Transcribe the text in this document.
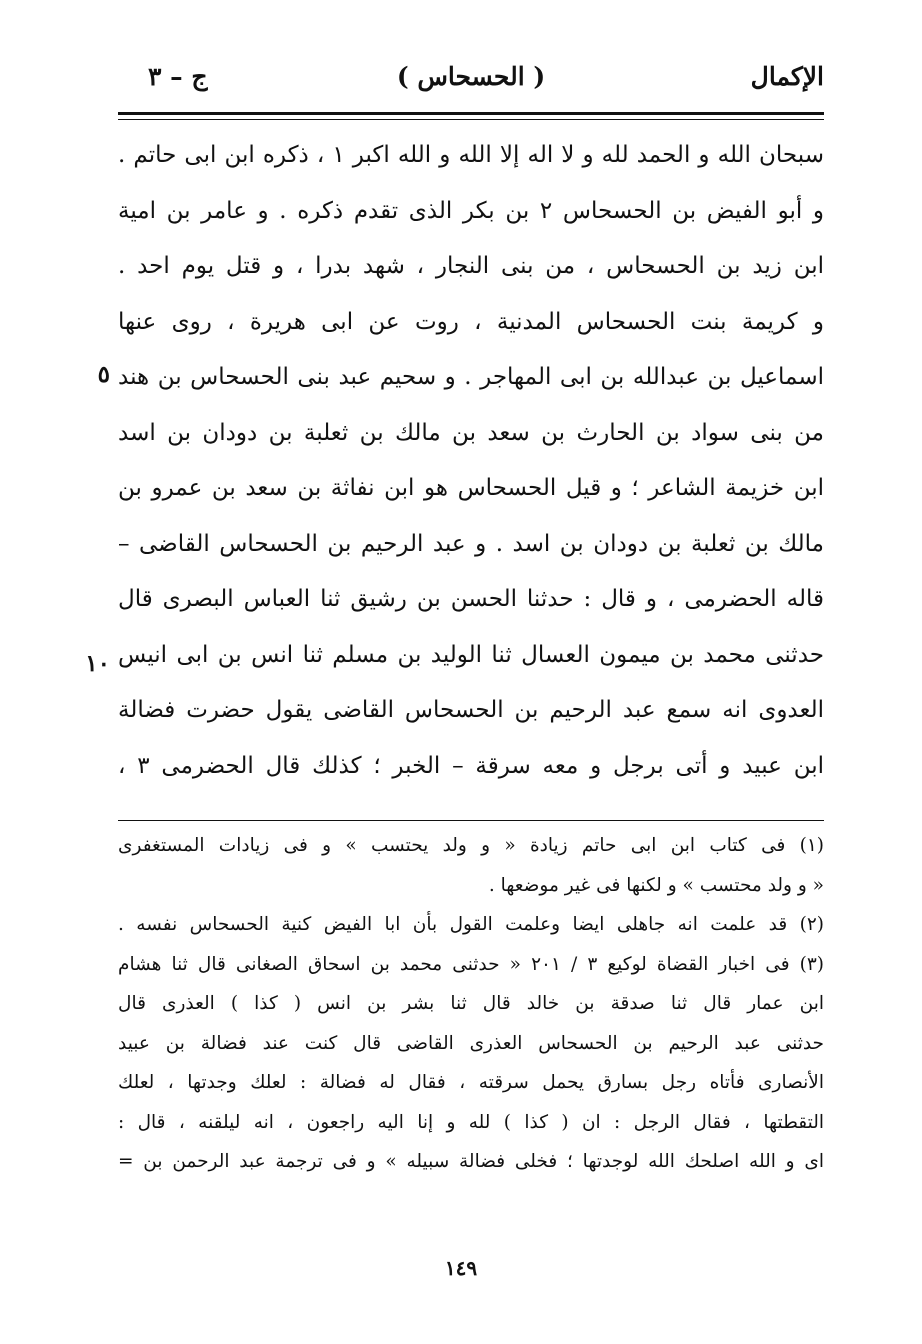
الإكمال
( الحسحاس )
ج – ٣
٥
١٠
سبحان الله و الحمد لله و لا اله إلا الله و الله اكبر ١ ، ذكره ابن ابى حاتم .
و أبو الفيض بن الحسحاس ٢ بن بكر الذى تقدم ذكره . و عامر بن امية
ابن زيد بن الحسحاس ، من بنى النجار ، شهد بدرا ، و قتل يوم احد .
و كريمة بنت الحسحاس المدنية ، روت عن ابى هريرة ، روى عنها
اسماعيل بن عبدالله بن ابى المهاجر . و سحيم عبد بنى الحسحاس بن هند
من بنى سواد بن الحارث بن سعد بن مالك بن ثعلبة بن دودان بن اسد
ابن خزيمة الشاعر ؛ و قيل الحسحاس هو ابن نفاثة بن سعد بن عمرو بن
مالك بن ثعلبة بن دودان بن اسد . و عبد الرحيم بن الحسحاس القاضى –
قاله الحضرمى ، و قال : حدثنا الحسن بن رشيق ثنا العباس البصرى قال
حدثنى محمد بن ميمون العسال ثنا الوليد بن مسلم ثنا انس بن ابى انيس
العدوى انه سمع عبد الرحيم بن الحسحاس القاضى يقول حضرت فضالة
ابن عبيد و أتى برجل و معه سرقة – الخبر ؛ كذلك قال الحضرمى ٣ ،
(١) فى كتاب ابن ابى حاتم زيادة « و ولد يحتسب » و فى زيادات المستغفرى
« و ولد محتسب » و لكنها فى غير موضعها .
(٢) قد علمت انه جاهلى ايضا وعلمت القول بأن ابا الفيض كنية الحسحاس نفسه .
(٣) فى اخبار القضاة لوكيع ٣ / ٢٠١ « حدثنى محمد بن اسحاق الصغانى قال ثنا هشام
ابن عمار قال ثنا صدقة بن خالد قال ثنا بشر بن انس ( كذا ) العذرى قال
حدثنى عبد الرحيم بن الحسحاس العذرى القاضى قال كنت عند فضالة بن عبيد
الأنصارى فأتاه رجل بسارق يحمل سرقته ، فقال له فضالة : لعلك وجدتها ، لعلك
التقطتها ، فقال الرجل : ان ( كذا ) لله و إنا اليه راجعون ، انه ليلقنه ، قال :
اى و الله اصلحك الله لوجدتها ؛ فخلى فضالة سبيله » و فى ترجمة عبد الرحمن بن =
١٤٩
